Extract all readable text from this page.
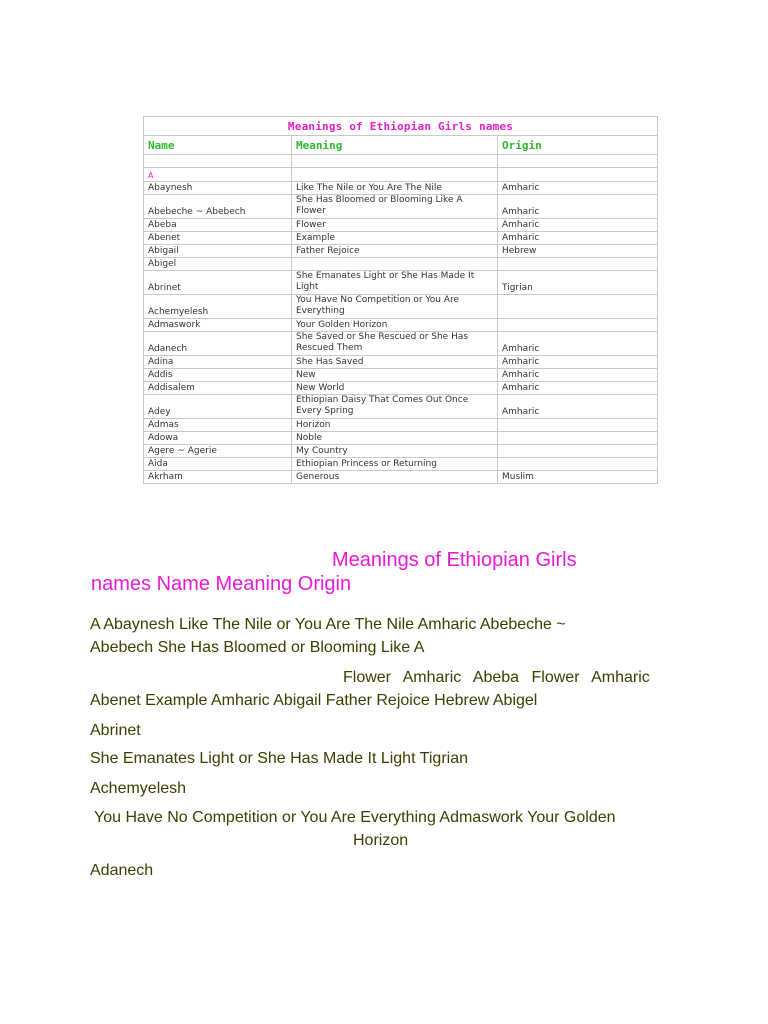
Meanings of Ethiopian Girls names		
Name	Meaning	Origin

A		
Abaynesh	Like The Nile or You Are The Nile	Amharic
Abebeche ~ Abebech	She Has Bloomed or Blooming Like A Flower	Amharic
Abeba	Flower	Amharic
Abenet	Example	Amharic
Abigail	Father Rejoice	Hebrew
Abigel		
Abrinet	She Emanates Light or She Has Made It Light	Tigrian
Achemyelesh	You Have No Competition or You Are Everything	
Admaswork	Your Golden Horizon	
Adanech	She Saved or She Rescued or She Has Rescued Them	Amharic
Adina	She Has Saved	Amharic
Addis	New	Amharic
Addisalem	New World	Amharic
Adey	Ethiopian Daisy That Comes Out Once Every Spring	Amharic
Admas	Horizon	
Adowa	Noble	
Agere ~ Agerie	My Country	
Aida	Ethiopian Princess or Returning	
Akrham	Generous	Muslim
Meanings of Ethiopian Girls
names Name Meaning Origin
A Abaynesh Like The Nile or You Are The Nile Amharic Abebeche ~
Abebech She Has Bloomed or Blooming Like A
Flower Amharic Abeba Flower Amharic
Abenet Example Amharic Abigail Father Rejoice Hebrew Abigel
Abrinet
She Emanates Light or She Has Made It Light Tigrian
Achemyelesh
You Have No Competition or You Are Everything Admaswork Your Golden
Horizon
Adanech
